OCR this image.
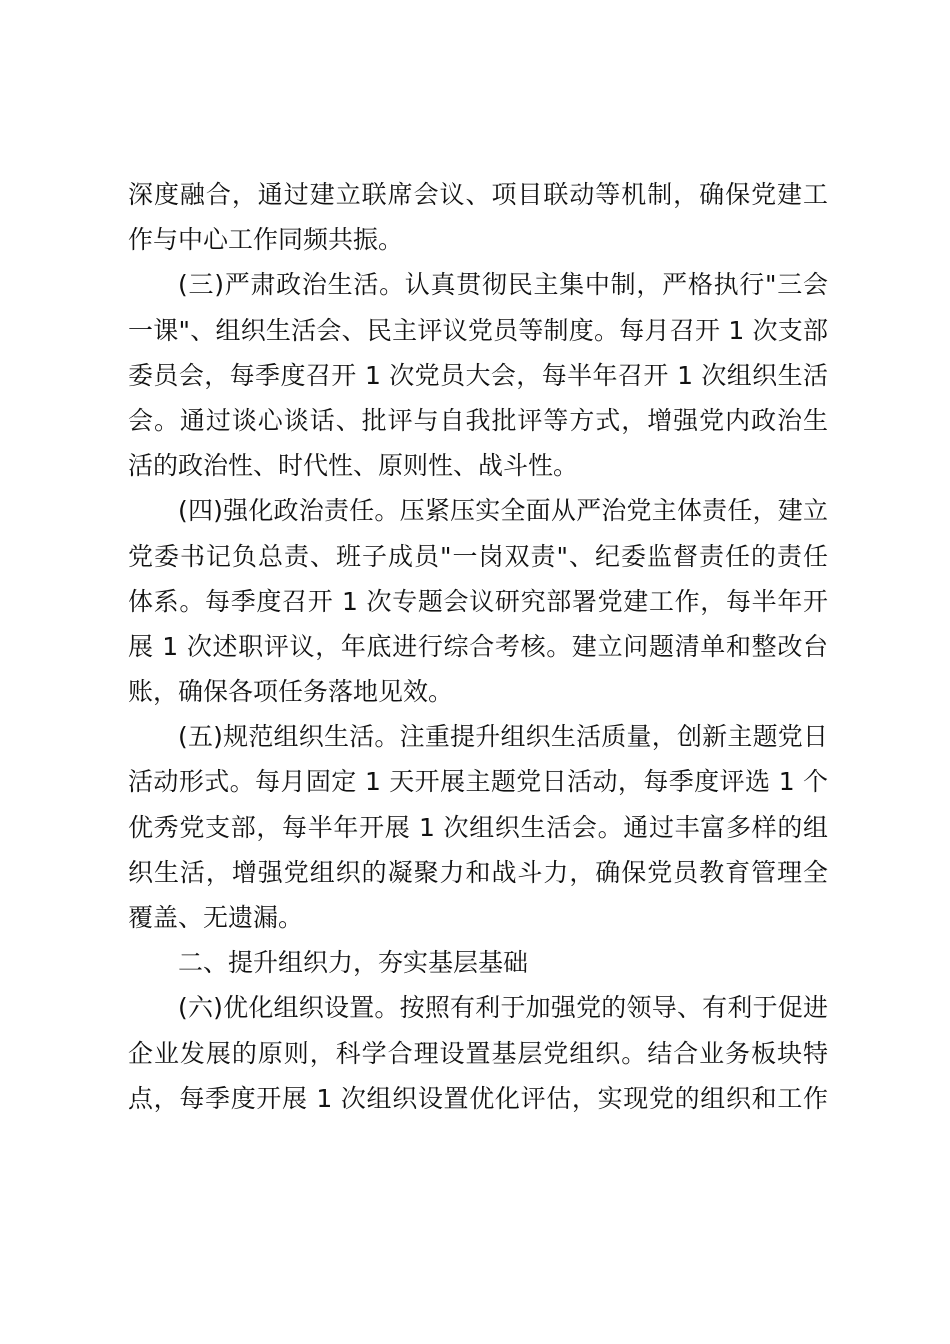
深度融合，通过建立联席会议、项目联动等机制，确保党建工
作与中心工作同频共振。
(三)严肃政治生活。认真贯彻民主集中制，严格执行"三会
一课"、组织生活会、民主评议党员等制度。每月召开 1 次支部
委员会，每季度召开 1 次党员大会，每半年召开 1 次组织生活
会。通过谈心谈话、批评与自我批评等方式，增强党内政治生
活的政治性、时代性、原则性、战斗性。
(四)强化政治责任。压紧压实全面从严治党主体责任，建立
党委书记负总责、班子成员"一岗双责"、纪委监督责任的责任
体系。每季度召开 1 次专题会议研究部署党建工作，每半年开
展 1 次述职评议，年底进行综合考核。建立问题清单和整改台
账，确保各项任务落地见效。
(五)规范组织生活。注重提升组织生活质量，创新主题党日
活动形式。每月固定 1 天开展主题党日活动，每季度评选 1 个
优秀党支部，每半年开展 1 次组织生活会。通过丰富多样的组
织生活，增强党组织的凝聚力和战斗力，确保党员教育管理全
覆盖、无遗漏。
二、提升组织力，夯实基层基础
(六)优化组织设置。按照有利于加强党的领导、有利于促进
企业发展的原则，科学合理设置基层党组织。结合业务板块特
点，每季度开展 1 次组织设置优化评估，实现党的组织和工作
